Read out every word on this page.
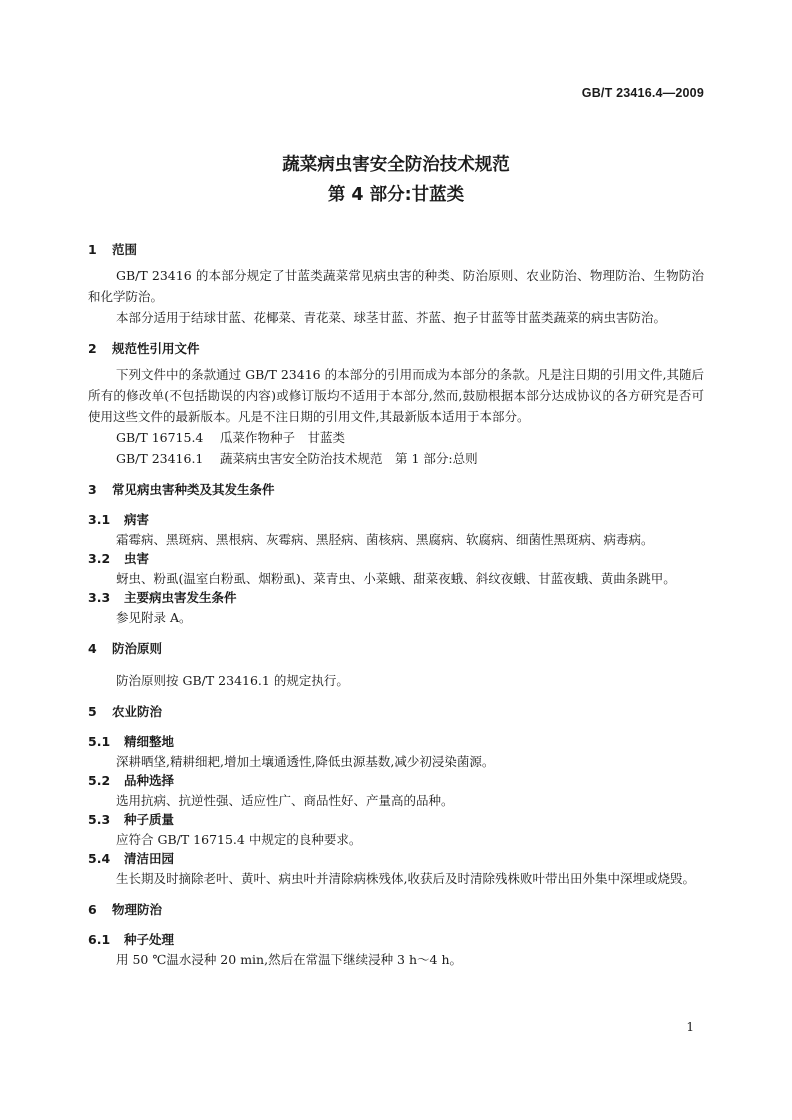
GB/T 23416.4—2009
蔬菜病虫害安全防治技术规范
第 4 部分:甘蓝类
1	范围

GB/T 23416 的本部分规定了甘蓝类蔬菜常见病虫害的种类、防治原则、农业防治、物理防治、生物防治和化学防治。

本部分适用于结球甘蓝、花椰菜、青花菜、球茎甘蓝、芥蓝、抱子甘蓝等甘蓝类蔬菜的病虫害防治。

2	规范性引用文件

下列文件中的条款通过 GB/T 23416 的本部分的引用而成为本部分的条款。凡是注日期的引用文件,其随后所有的修改单(不包括勘误的内容)或修订版均不适用于本部分,然而,鼓励根据本部分达成协议的各方研究是否可使用这些文件的最新版本。凡是不注日期的引用文件,其最新版本适用于本部分。

GB/T 16715.4 瓜菜作物种子　甘蓝类

GB/T 23416.1 蔬菜病虫害安全防治技术规范　第 1 部分:总则

3	常见病虫害种类及其发生条件
3.1	病害

霜霉病、黑斑病、黑根病、灰霉病、黑胫病、菌核病、黑腐病、软腐病、细菌性黑斑病、病毒病。

3.2	虫害

蚜虫、粉虱(温室白粉虱、烟粉虱)、菜青虫、小菜蛾、甜菜夜蛾、斜纹夜蛾、甘蓝夜蛾、黄曲条跳甲。

3.3	主要病虫害发生条件

参见附录 A。

4	防治原则

防治原则按 GB/T 23416.1 的规定执行。

5	农业防治
5.1	精细整地

深耕晒垡,精耕细耙,增加土壤通透性,降低虫源基数,减少初浸染菌源。

5.2	品种选择

选用抗病、抗逆性强、适应性广、商品性好、产量高的品种。

5.3	种子质量

应符合 GB/T 16715.4 中规定的良种要求。

5.4	清洁田园

生长期及时摘除老叶、黄叶、病虫叶并清除病株残体,收获后及时清除残株败叶带出田外集中深埋或烧毁。

6	物理防治
6.1	种子处理

用 50 ℃温水浸种 20 min,然后在常温下继续浸种 3 h～4 h。

1
